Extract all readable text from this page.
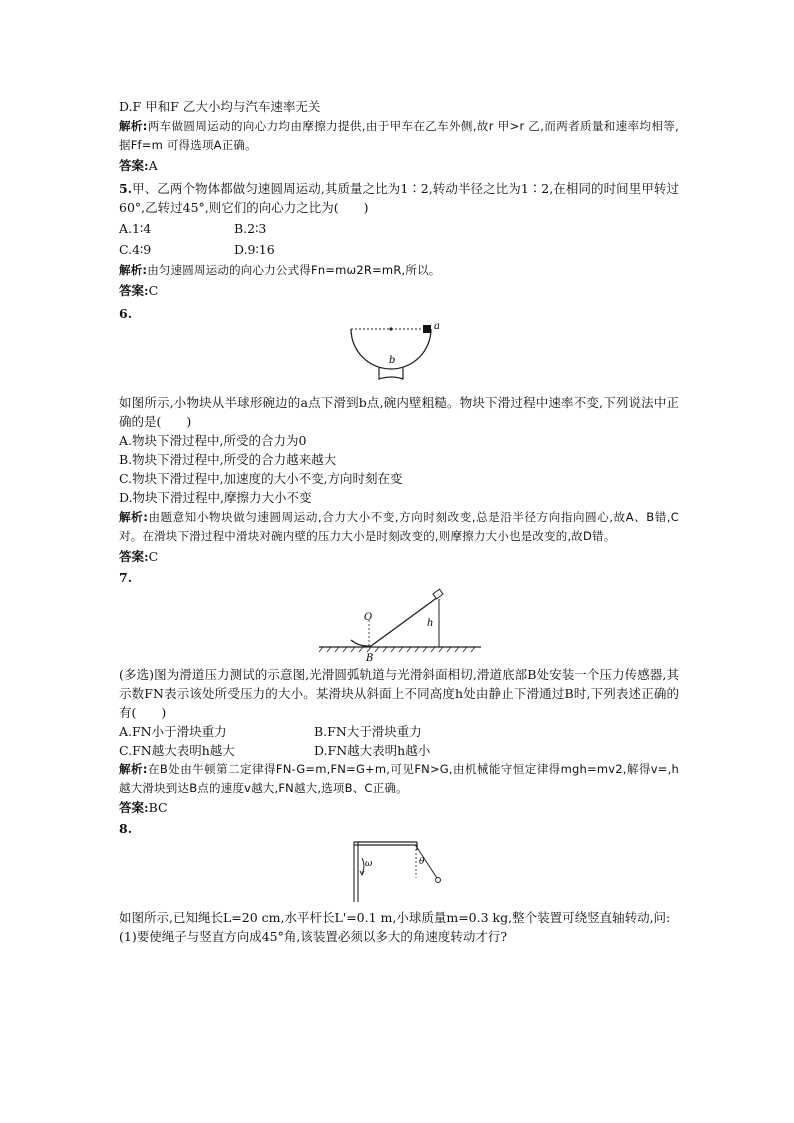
D.F 甲和F 乙大小均与汽车速率无关
解析:两车做圆周运动的向心力均由摩擦力提供,由于甲车在乙车外侧,故r 甲>r 乙,而两者质量和速率均相等,据Ff=m 可得选项A正确。
答案:A
5.甲、乙两个物体都做匀速圆周运动,其质量之比为1∶2,转动半径之比为1∶2,在相同的时间里甲转过60°,乙转过45°,则它们的向心力之比为(　　)
A.1∶4	B.2∶3
C.4∶9	D.9∶16
解析:由匀速圆周运动的向心力公式得Fn=mω2R=mR,所以。
答案:C
6.
a
b
如图所示,小物块从半球形碗边的a点下滑到b点,碗内壁粗糙。物块下滑过程中速率不变,下列说法中正确的是(　　)
A.物块下滑过程中,所受的合力为0
B.物块下滑过程中,所受的合力越来越大
C.物块下滑过程中,加速度的大小不变,方向时刻在变
D.物块下滑过程中,摩擦力大小不变
解析:由题意知小物块做匀速圆周运动,合力大小不变,方向时刻改变,总是沿半径方向指向圆心,故A、B错,C对。在滑块下滑过程中滑块对碗内壁的压力大小是时刻改变的,则摩擦力大小也是改变的,故D错。
答案:C
7.
O
B
h
(多选)图为滑道压力测试的示意图,光滑圆弧轨道与光滑斜面相切,滑道底部B处安装一个压力传感器,其示数FN表示该处所受压力的大小。某滑块从斜面上不同高度h处由静止下滑通过B时,下列表述正确的有(　　)
A.FN小于滑块重力	B.FN大于滑块重力
C.FN越大表明h越大	D.FN越大表明h越小
解析:在B处由牛顿第二定律得FN-G=m,FN=G+m,可见FN>G,由机械能守恒定律得mgh=mv2,解得v=,h越大滑块到达B点的速度v越大,FN越大,选项B、C正确。
答案:BC
8.
ω	θ
如图所示,已知绳长L=20 cm,水平杆长L'=0.1 m,小球质量m=0.3 kg,整个装置可绕竖直轴转动,问:
(1)要使绳子与竖直方向成45°角,该装置必须以多大的角速度转动才行?
